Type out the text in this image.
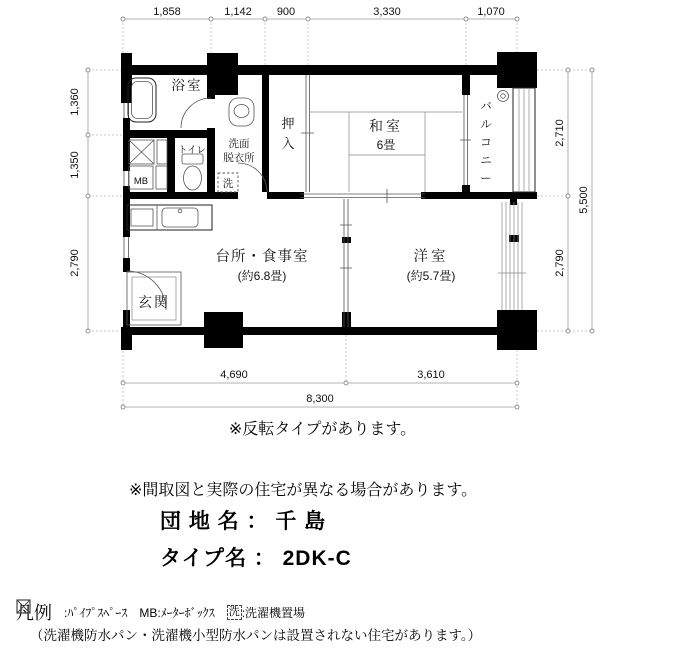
1,858	1,142 900	3,330	1,070
1,360
1,350
2,790
2,710
2,790
5,500
4,690	3,610
8,300
浴室
洗面
脱衣所
トイレ
MB	洗
押
入
和室
6畳
バ
ル
コ
ニ
ー
台所・食事室
(約6.8畳)
洋室
(約5.7畳)
玄関
※反転タイプがあります。
※間取図と実際の住宅が異なる場合があります。
団 地 名 ： 千 島
タイプ名 ： 2DK-C
凡例 :ﾊﾟｲﾌﾟｽﾍﾟｰｽ MB:ﾒｰﾀｰﾎﾞｯｸｽ 洗 :洗濯機置場
（洗濯機防水パン・洗濯機小型防水パンは設置されない住宅があります。）
